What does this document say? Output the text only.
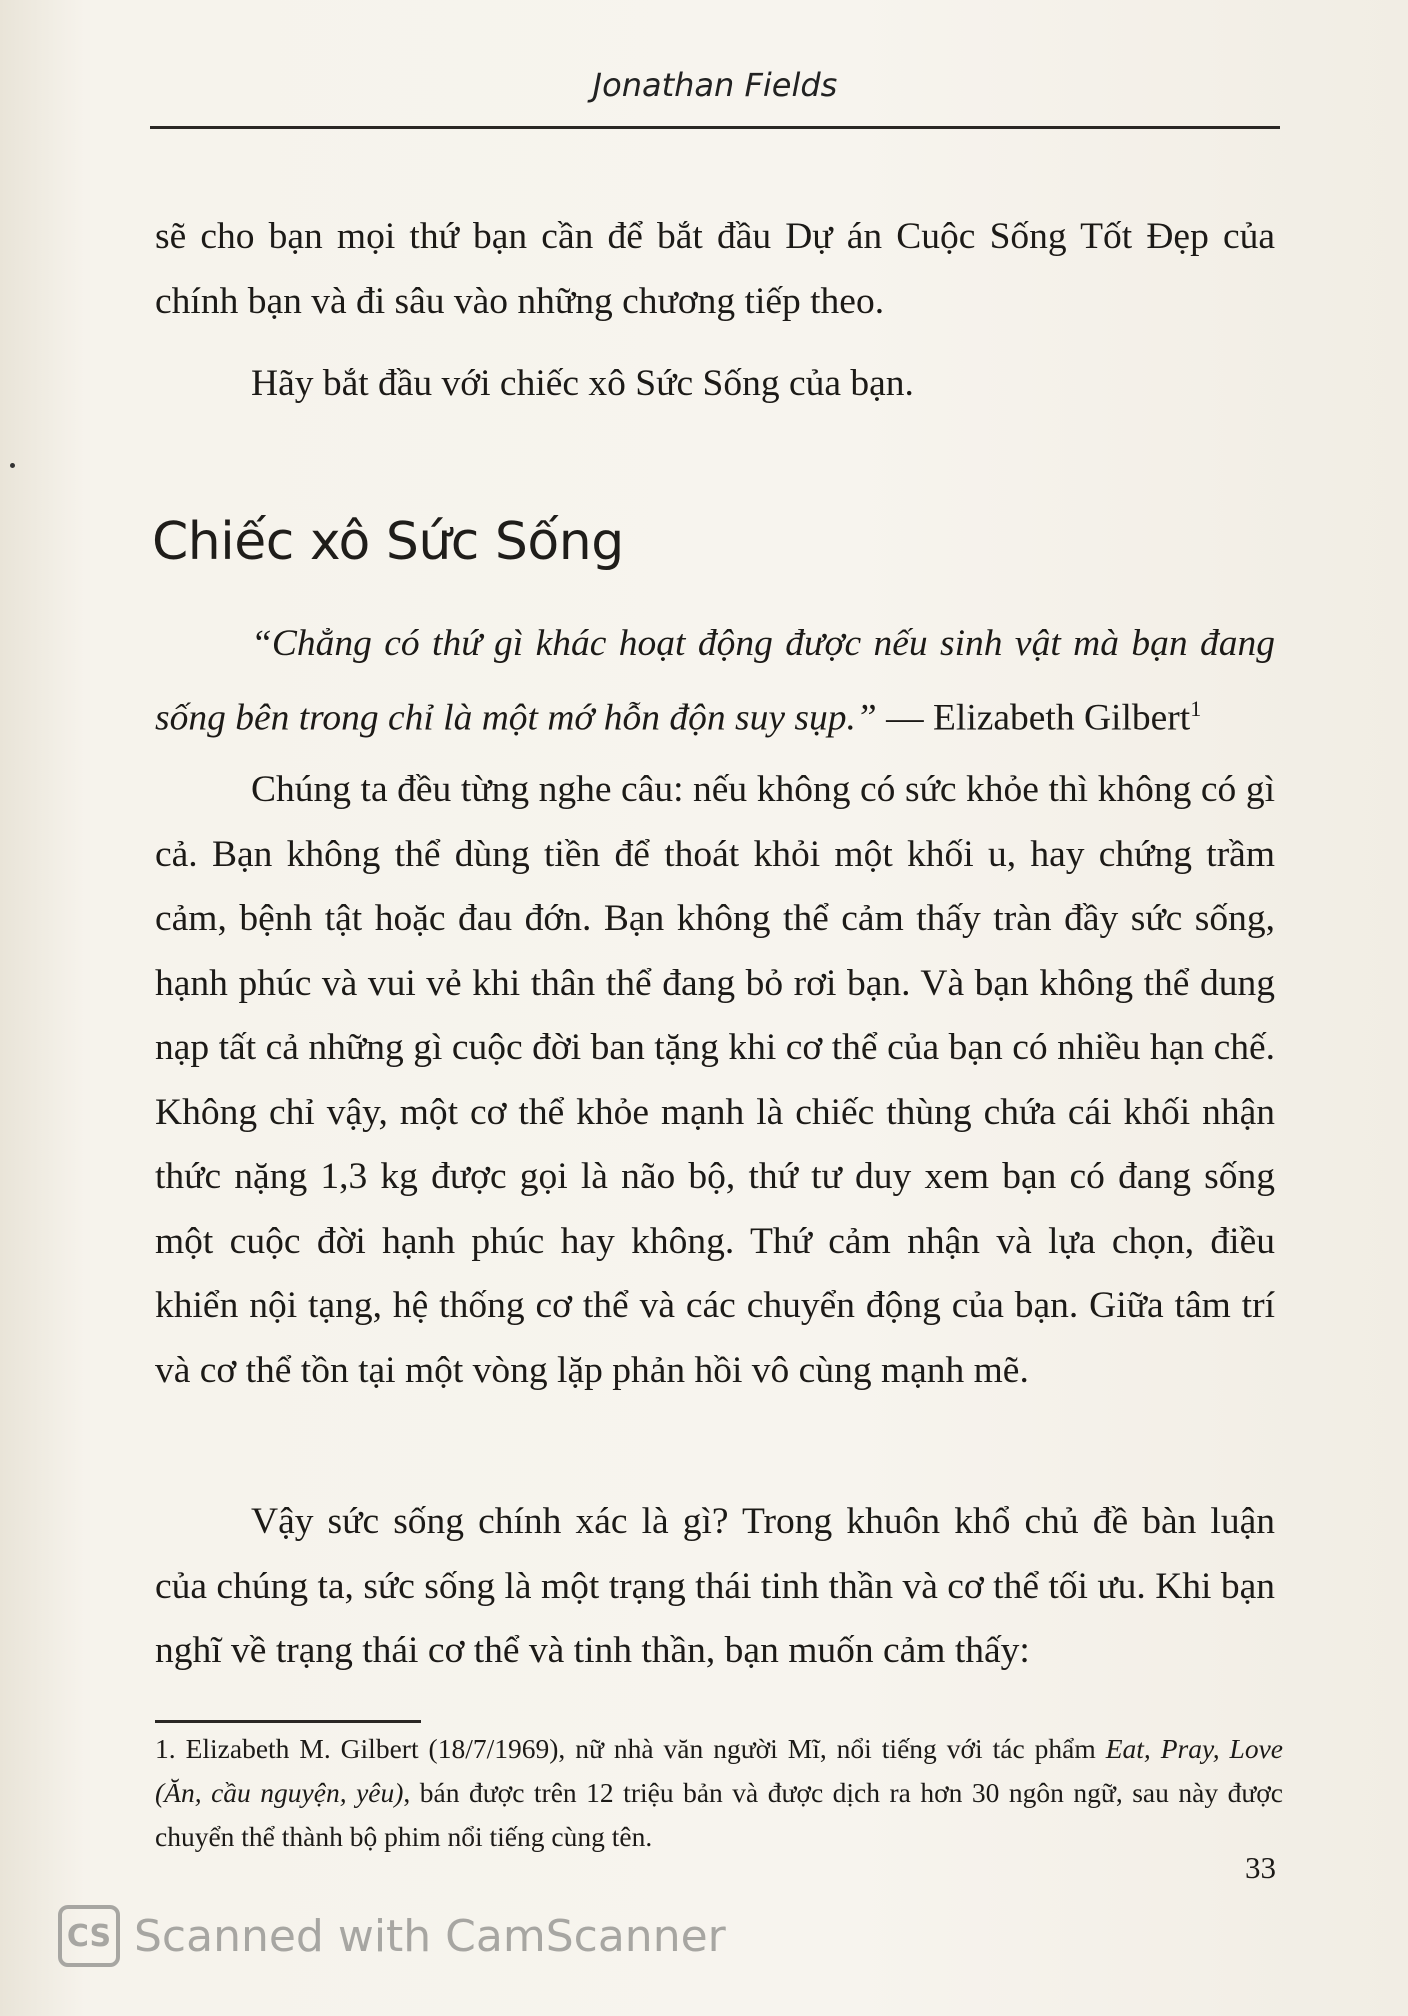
Jonathan Fields
sẽ cho bạn mọi thứ bạn cần để bắt đầu Dự án Cuộc Sống Tốt Đẹp của chính bạn và đi sâu vào những chương tiếp theo.
Hãy bắt đầu với chiếc xô Sức Sống của bạn.
Chiếc xô Sức Sống
“Chẳng có thứ gì khác hoạt động được nếu sinh vật mà bạn đang sống bên trong chỉ là một mớ hỗn độn suy sụp.” — Elizabeth Gilbert$^1$
Chúng ta đều từng nghe câu: nếu không có sức khỏe thì không có gì cả. Bạn không thể dùng tiền để thoát khỏi một khối u, hay chứng trầm cảm, bệnh tật hoặc đau đớn. Bạn không thể cảm thấy tràn đầy sức sống, hạnh phúc và vui vẻ khi thân thể đang bỏ rơi bạn. Và bạn không thể dung nạp tất cả những gì cuộc đời ban tặng khi cơ thể của bạn có nhiều hạn chế. Không chỉ vậy, một cơ thể khỏe mạnh là chiếc thùng chứa cái khối nhận thức nặng 1,3 kg được gọi là não bộ, thứ tư duy xem bạn có đang sống một cuộc đời hạnh phúc hay không. Thứ cảm nhận và lựa chọn, điều khiển nội tạng, hệ thống cơ thể và các chuyển động của bạn. Giữa tâm trí và cơ thể tồn tại một vòng lặp phản hồi vô cùng mạnh mẽ.
Vậy sức sống chính xác là gì? Trong khuôn khổ chủ đề bàn luận của chúng ta, sức sống là một trạng thái tinh thần và cơ thể tối ưu. Khi bạn nghĩ về trạng thái cơ thể và tinh thần, bạn muốn cảm thấy:
1. Elizabeth M. Gilbert (18/7/1969), nữ nhà văn người Mĩ, nổi tiếng với tác phẩm Eat, Pray, Love (Ăn, cầu nguyện, yêu), bán được trên 12 triệu bản và được dịch ra hơn 30 ngôn ngữ, sau này được chuyển thể thành bộ phim nổi tiếng cùng tên.
33
CS Scanned with CamScanner
